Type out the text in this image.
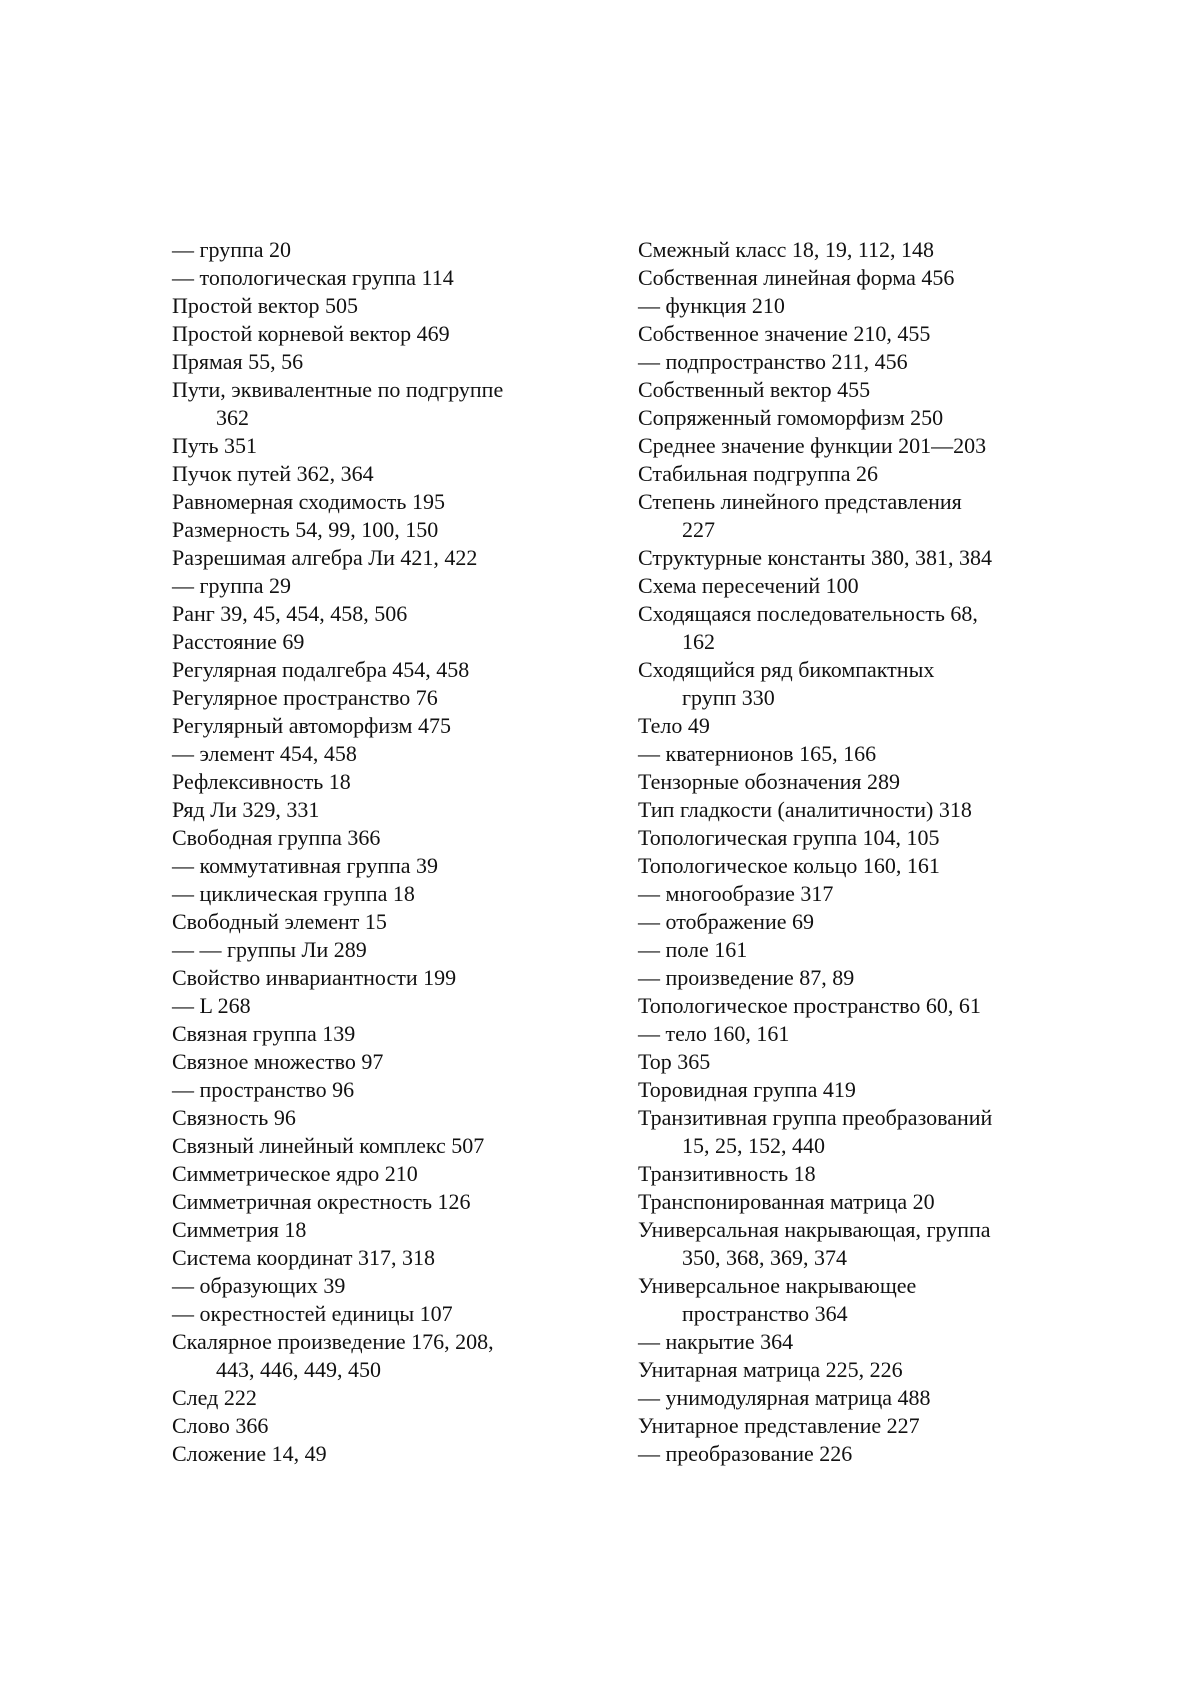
— группа 20
— топологическая группа 114
Простой вектор 505
Простой корневой вектор 469
Прямая 55, 56
Пути, эквивалентные по подгруппе
362
Путь 351
Пучок путей 362, 364
Равномерная сходимость 195
Размерность 54, 99, 100, 150
Разрешимая алгебра Ли 421, 422
— группа 29
Ранг 39, 45, 454, 458, 506
Расстояние 69
Регулярная подалгебра 454, 458
Регулярное пространство 76
Регулярный автоморфизм 475
— элемент 454, 458
Рефлексивность 18
Ряд Ли 329, 331
Свободная группа 366
— коммутативная группа 39
— циклическая группа 18
Свободный элемент 15
— — группы Ли 289
Свойство инвариантности 199
— L 268
Связная группа 139
Связное множество 97
— пространство 96
Связность 96
Связный линейный комплекс 507
Симметрическое ядро 210
Симметричная окрестность 126
Симметрия 18
Система координат 317, 318
— образующих 39
— окрестностей единицы 107
Скалярное произведение 176, 208,
443, 446, 449, 450
След 222
Слово 366
Сложение 14, 49
Смежный класс 18, 19, 112, 148
Собственная линейная форма 456
— функция 210
Собственное значение 210, 455
— подпространство 211, 456
Собственный вектор 455
Сопряженный гомоморфизм 250
Среднее значение функции 201—203
Стабильная подгруппа 26
Степень линейного представления
227
Структурные константы 380, 381, 384
Схема пересечений 100
Сходящаяся последовательность 68,
162
Сходящийся ряд бикомпактных
групп 330
Тело 49
— кватернионов 165, 166
Тензорные обозначения 289
Тип гладкости (аналитичности) 318
Топологическая группа 104, 105
Топологическое кольцо 160, 161
— многообразие 317
— отображение 69
— поле 161
— произведение 87, 89
Топологическое пространство 60, 61
— тело 160, 161
Тор 365
Торовидная группа 419
Транзитивная группа преобразований
15, 25, 152, 440
Транзитивность 18
Транспонированная матрица 20
Универсальная накрывающая, группа
350, 368, 369, 374
Универсальное накрывающее
пространство 364
— накрытие 364
Унитарная матрица 225, 226
— унимодулярная матрица 488
Унитарное представление 227
— преобразование 226
